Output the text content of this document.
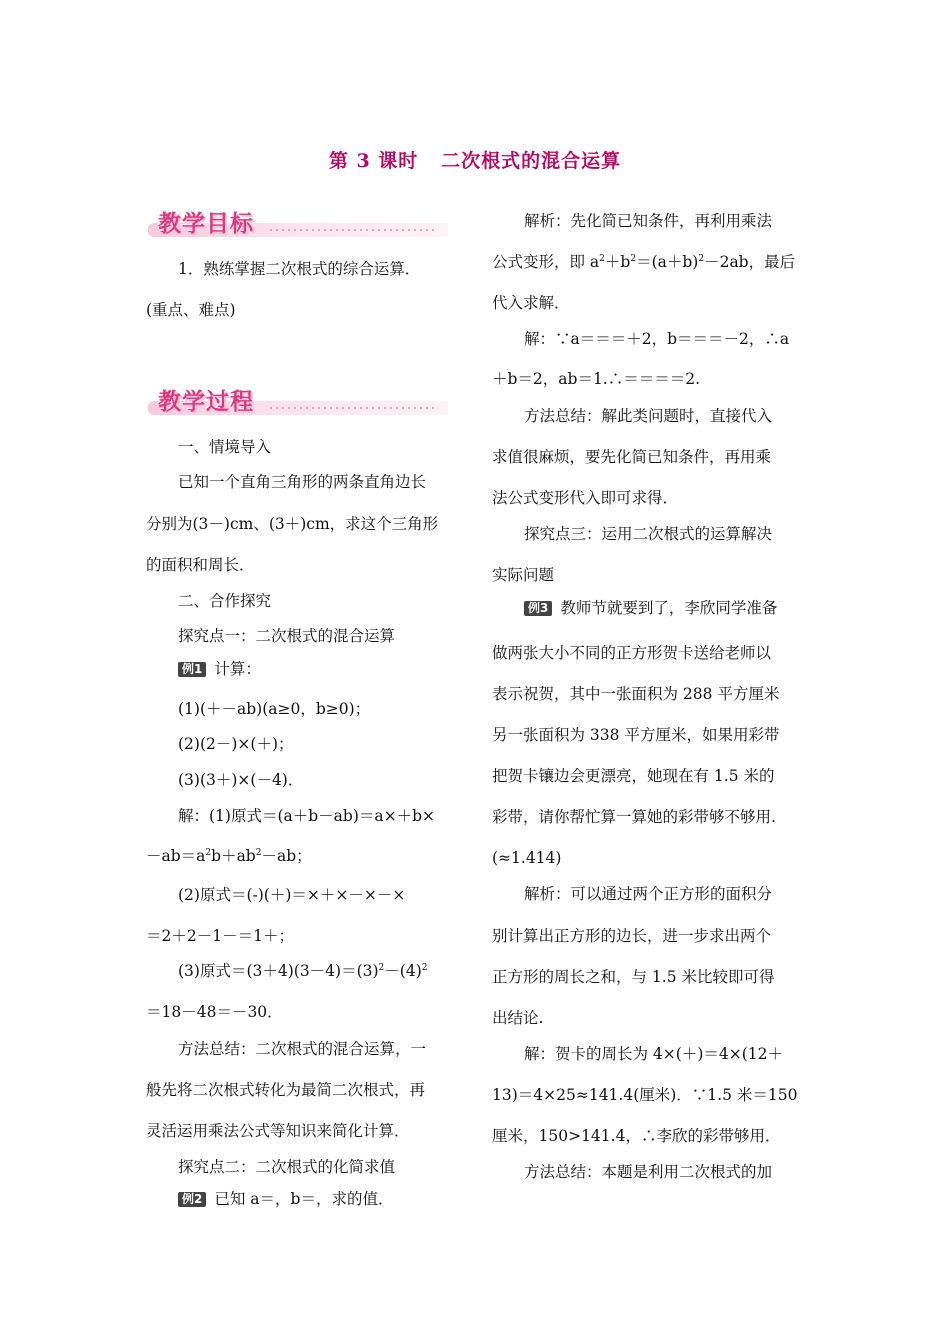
第 3 课时   二次根式的混合运算
教学目标
1．熟练掌握二次根式的综合运算．
(重点、难点)
教学过程
一、情境导入
已知一个直角三角形的两条直角边长
分别为(3－)cm、(3＋)cm，求这个三角形
的面积和周长．
二、合作探究
探究点一：二次根式的混合运算
例1 计算：
(1)(＋－ab)(a≥0，b≥0)；
(2)(2－)×(＋)；
(3)(3＋)×(－4)．
解：(1)原式＝(a＋b－ab)＝a×＋b×
$-ab=a^2b+ab^2-ab$；
(2)原式＝(-)(＋)＝×＋×－×－×
＝2＋2－1－＝1＋；
(3)原式$=(3+4)(3-4)=(3)^2-(4)^2$
＝18－48＝－30．
方法总结：二次根式的混合运算，一
般先将二次根式转化为最简二次根式，再
灵活运用乘法公式等知识来简化计算．
探究点二：二次根式的化简求值
例2 已知 a＝，b＝，求的值．
解析：先化简已知条件，再利用乘法
公式变形，即 $a^2+b^2=(a+b)^2-2ab$，最后
代入求解．
解：∵a＝＝＝＋2，b＝＝＝－2，∴a
＋b＝2，ab＝1.∴＝＝＝＝2.
方法总结：解此类问题时，直接代入
求值很麻烦，要先化简已知条件，再用乘
法公式变形代入即可求得．
探究点三：运用二次根式的运算解决
实际问题
例3 教师节就要到了，李欣同学准备
做两张大小不同的正方形贺卡送给老师以
表示祝贺，其中一张面积为 288 平方厘米
另一张面积为 338 平方厘米，如果用彩带
把贺卡镶边会更漂亮，她现在有 1.5 米的
彩带，请你帮忙算一算她的彩带够不够用.
(≈1.414)
解析：可以通过两个正方形的面积分
别计算出正方形的边长，进一步求出两个
正方形的周长之和，与 1.5 米比较即可得
出结论.
解：贺卡的周长为 4×(＋)＝4×(12＋
13)＝4×25≈141.4(厘米)．∵1.5 米＝150
厘米，150>141.4，∴李欣的彩带够用．
方法总结：本题是利用二次根式的加
